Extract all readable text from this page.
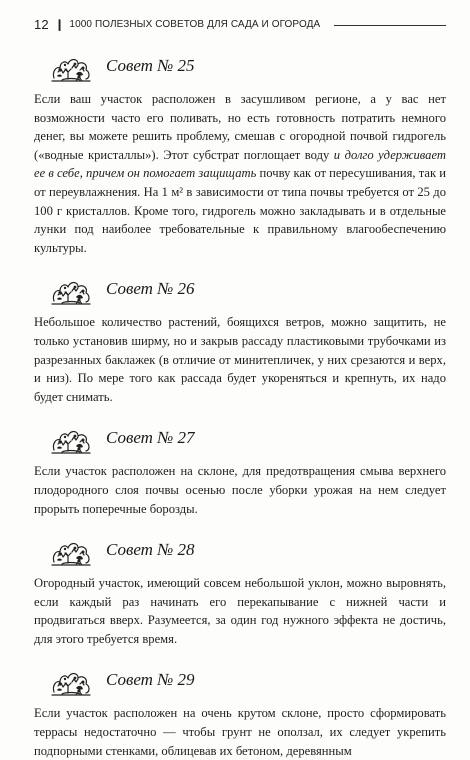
12 ❙ 1000 ПОЛЕЗНЫХ СОВЕТОВ ДЛЯ САДА И ОГОРОДА
Совет № 25

Если ваш участок расположен в засушливом регионе, а у вас нет возможности часто его поливать, но есть готовность потратить немного денег, вы можете решить проблему, смешав с огородной почвой гидрогель («водные кристаллы»). Этот субстрат поглощает воду и долго удерживает ее в себе, причем он помогает защищать почву как от пересушивания, так и от переувлажнения. На 1 м² в зависимости от типа почвы требуется от 25 до 100 г кристаллов. Кроме того, гидрогель можно закладывать и в отдельные лунки под наиболее требовательные к правильному влагообеспечению культуры.

Совет № 26

Небольшое количество растений, боящихся ветров, можно защитить, не только установив ширму, но и закрыв рассаду пластиковыми трубочками из разрезанных баклажек (в отличие от минитепличек, у них срезаются и верх, и низ). По мере того как рассада будет укореняться и крепнуть, их надо будет снимать.

Совет № 27

Если участок расположен на склоне, для предотвращения смыва верхнего плодородного слоя почвы осенью после уборки урожая на нем следует прорыть поперечные борозды.

Совет № 28

Огородный участок, имеющий совсем небольшой уклон, можно выровнять, если каждый раз начинать его перекапывание с нижней части и продвигаться вверх. Разумеется, за один год нужного эффекта не достичь, для этого требуется время.

Совет № 29

Если участок расположен на очень крутом склоне, просто сформировать террасы недостаточно — чтобы грунт не оползал, их следует укрепить подпорными стенками, облицевав их бетоном, деревянным
